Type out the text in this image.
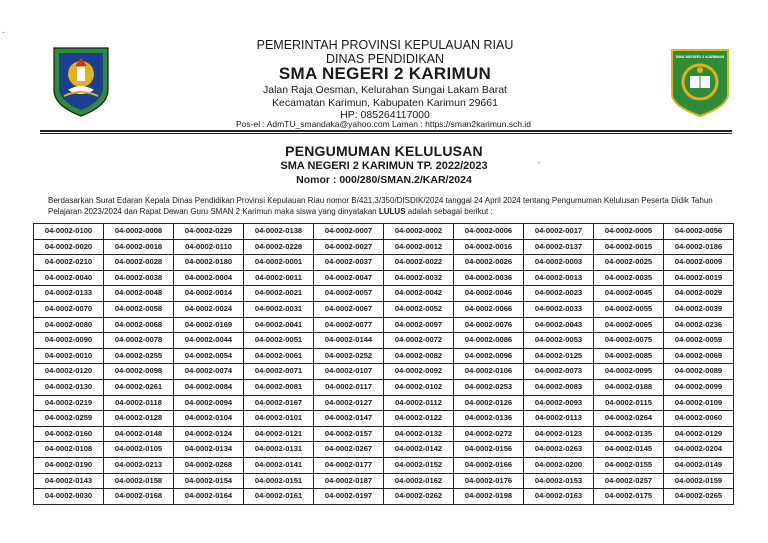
-
SMA NEGERI 2 KARIMUN
PEMERINTAH PROVINSI KEPULAUAN RIAU
DINAS PENDIDIKAN
SMA NEGERI 2 KARIMUN
Jalan Raja Oesman, Kelurahan Sungai Lakam Barat
Kecamatan Karimun, Kabupaten Karimun 29661
HP: 085264117000
Pos-el : AdmTU_smandaka@yahoo.com Laman : https://sman2karimun.sch.id
PENGUMUMAN KELULUSAN
SMA NEGERI 2 KARIMUN TP. 2022/2023
Nomor : 000/280/SMAN.2/KAR/2024
'
Berdasarkan Surat Edaran Kepala Dinas Pendidikan Provinsi Kepulauan Riau nomor B/421.3/350/DISDIK/2024 tanggal 24 April 2024 tentang Pengumuman Kelulusan Peserta Didik Tahun Pelajaran 2023/2024 dan Rapat Dewan Guru SMAN 2 Karimun maka siswa yang dinyatakan LULUS adalah sebagai berikut :
04-0002-0100	04-0002-0008	04-0002-0229	04-0002-0138	04-0002-0007	04-0002-0002	04-0002-0006	04-0002-0017	04-0002-0005	04-0002-0056
04-0002-0020	04-0002-0018	04-0002-0110	04-0002-0228	04-0002-0027	04-0002-0012	04-0002-0016	04-0002-0137	04-0002-0015	04-0002-0186
04-0002-0210	04-0002-0028	04-0002-0180	04-0002-0001	04-0002-0037	04-0002-0022	04-0002-0026	04-0002-0003	04-0002-0025	04-0002-0009
04-0002-0040	04-0002-0038	04-0002-0004	04-0002-0011	04-0002-0047	04-0002-0032	04-0002-0036	04-0002-0013	04-0002-0035	04-0002-0019
04-0002-0133	04-0002-0048	04-0002-0014	04-0002-0021	04-0002-0057	04-0002-0042	04-0002-0046	04-0002-0023	04-0002-0045	04-0002-0029
04-0002-0070	04-0002-0058	04-0002-0024	04-0002-0031	04-0002-0067	04-0002-0052	04-0002-0066	04-0002-0033	04-0002-0055	04-0002-0039
04-0002-0080	04-0002-0068	04-0002-0169	04-0002-0041	04-0002-0077	04-0002-0097	04-0002-0076	04-0002-0043	04-0002-0065	04-0002-0236
04-0002-0090	04-0002-0078	04-0002-0044	04-0002-0051	04-0002-0144	04-0002-0072	04-0002-0086	04-0002-0053	04-0002-0075	04-0002-0059
04-0002-0010	04-0002-0255	04-0002-0054	04-0002-0061	04-0002-0252	04-0002-0082	04-0002-0096	04-0002-0125	04-0002-0085	04-0002-0069
04-0002-0120	04-0002-0098	04-0002-0074	04-0002-0071	04-0002-0107	04-0002-0092	04-0002-0106	04-0002-0073	04-0002-0095	04-0002-0089
04-0002-0130	04-0002-0261	04-0002-0084	04-0002-0081	04-0002-0117	04-0002-0102	04-0002-0253	04-0002-0083	04-0002-0188	04-0002-0099
04-0002-0219	04-0002-0118	04-0002-0094	04-0002-0167	04-0002-0127	04-0002-0112	04-0002-0126	04-0002-0093	04-0002-0115	04-0002-0109
04-0002-0259	04-0002-0128	04-0002-0104	04-0002-0101	04-0002-0147	04-0002-0122	04-0002-0136	04-0002-0113	04-0002-0264	04-0002-0060
04-0002-0160	04-0002-0148	04-0002-0124	04-0002-0121	04-0002-0157	04-0002-0132	04-0002-0272	04-0002-0123	04-0002-0135	04-0002-0129
04-0002-0108	04-0002-0105	04-0002-0134	04-0002-0131	04-0002-0267	04-0002-0142	04-0002-0156	04-0002-0263	04-0002-0145	04-0002-0204
04-0002-0190	04-0002-0213	04-0002-0268	04-0002-0141	04-0002-0177	04-0002-0152	04-0002-0166	04-0002-0200	04-0002-0155	04-0002-0149
04-0002-0143	04-0002-0158	04-0002-0154	04-0002-0151	04-0002-0187	04-0002-0162	04-0002-0176	04-0002-0153	04-0002-0257	04-0002-0159
04-0002-0030	04-0002-0168	04-0002-0164	04-0002-0161	04-0002-0197	04-0002-0262	04-0002-0198	04-0002-0163	04-0002-0175	04-0002-0265
˙
